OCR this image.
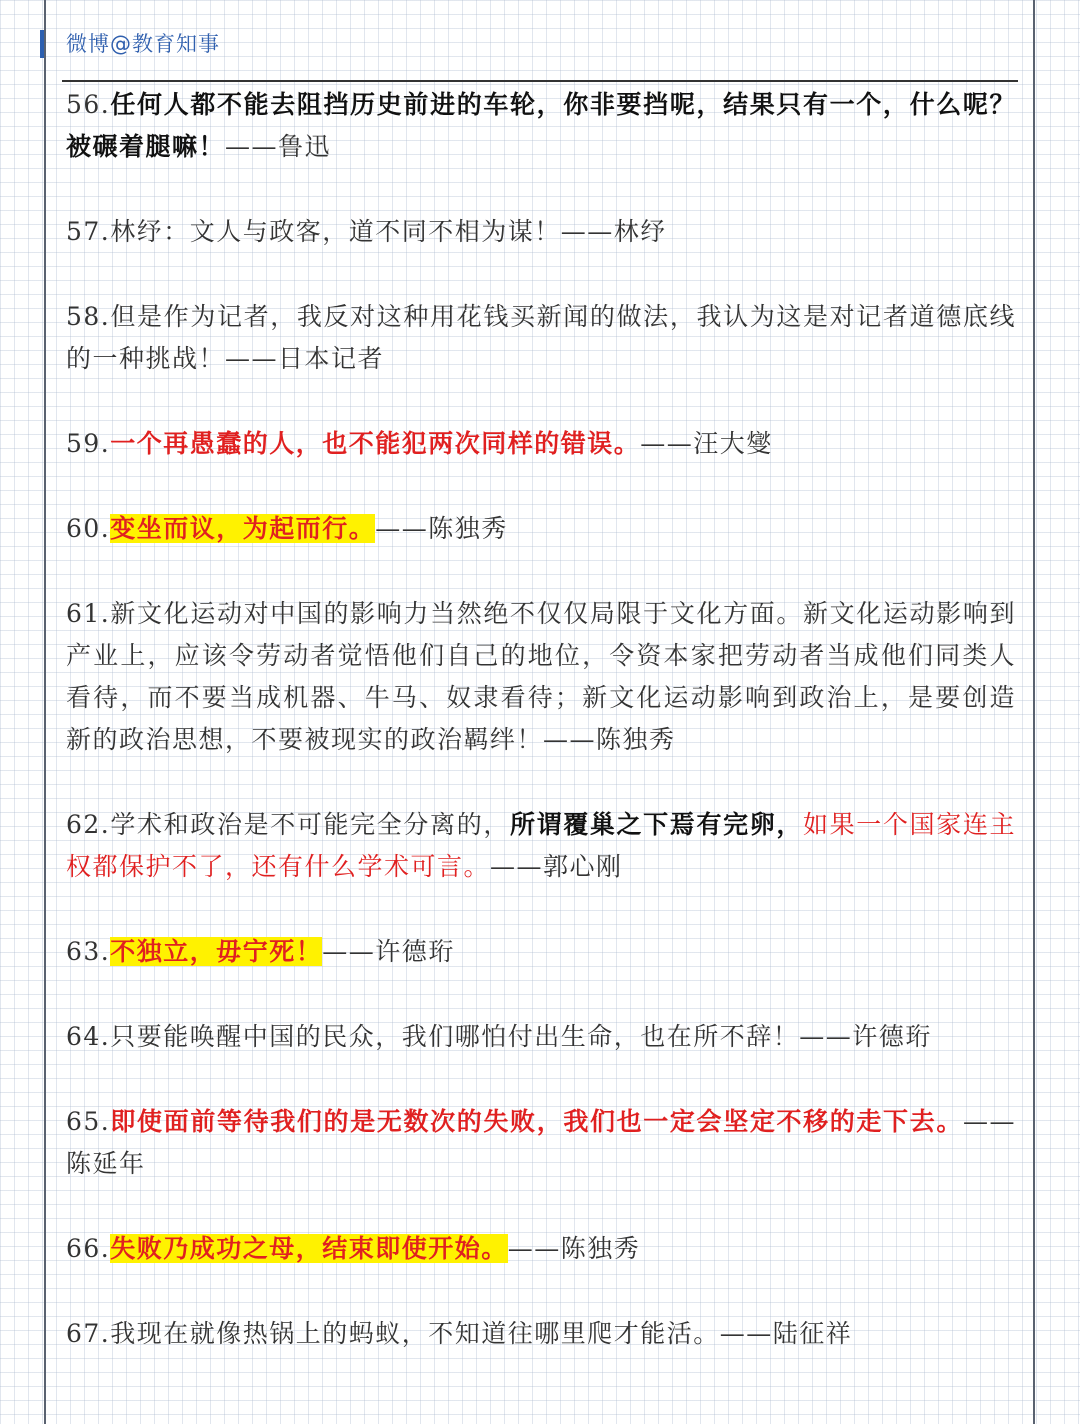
微博@教育知事

56.任何人都不能去阻挡历史前进的车轮，你非要挡呢，结果只有一个，什么呢？被碾着腿嘛！——鲁迅

57.林纾：文人与政客，道不同不相为谋！——林纾

58.但是作为记者，我反对这种用花钱买新闻的做法，我认为这是对记者道德底线的一种挑战！——日本记者

59.一个再愚蠢的人，也不能犯两次同样的错误。——汪大燮

60.变坐而议，为起而行。——陈独秀

61.新文化运动对中国的影响力当然绝不仅仅局限于文化方面。新文化运动影响到产业上，应该令劳动者觉悟他们自己的地位，令资本家把劳动者当成他们同类人看待，而不要当成机器、牛马、奴隶看待；新文化运动影响到政治上，是要创造新的政治思想，不要被现实的政治羁绊！——陈独秀

62.学术和政治是不可能完全分离的，所谓覆巢之下焉有完卵，如果一个国家连主权都保护不了，还有什么学术可言。——郭心刚

63.不独立，毋宁死！——许德珩

64.只要能唤醒中国的民众，我们哪怕付出生命，也在所不辞！——许德珩

65.即使面前等待我们的是无数次的失败，我们也一定会坚定不移的走下去。——陈延年

66.失败乃成功之母，结束即使开始。——陈独秀

67.我现在就像热锅上的蚂蚁，不知道往哪里爬才能活。——陆征祥
